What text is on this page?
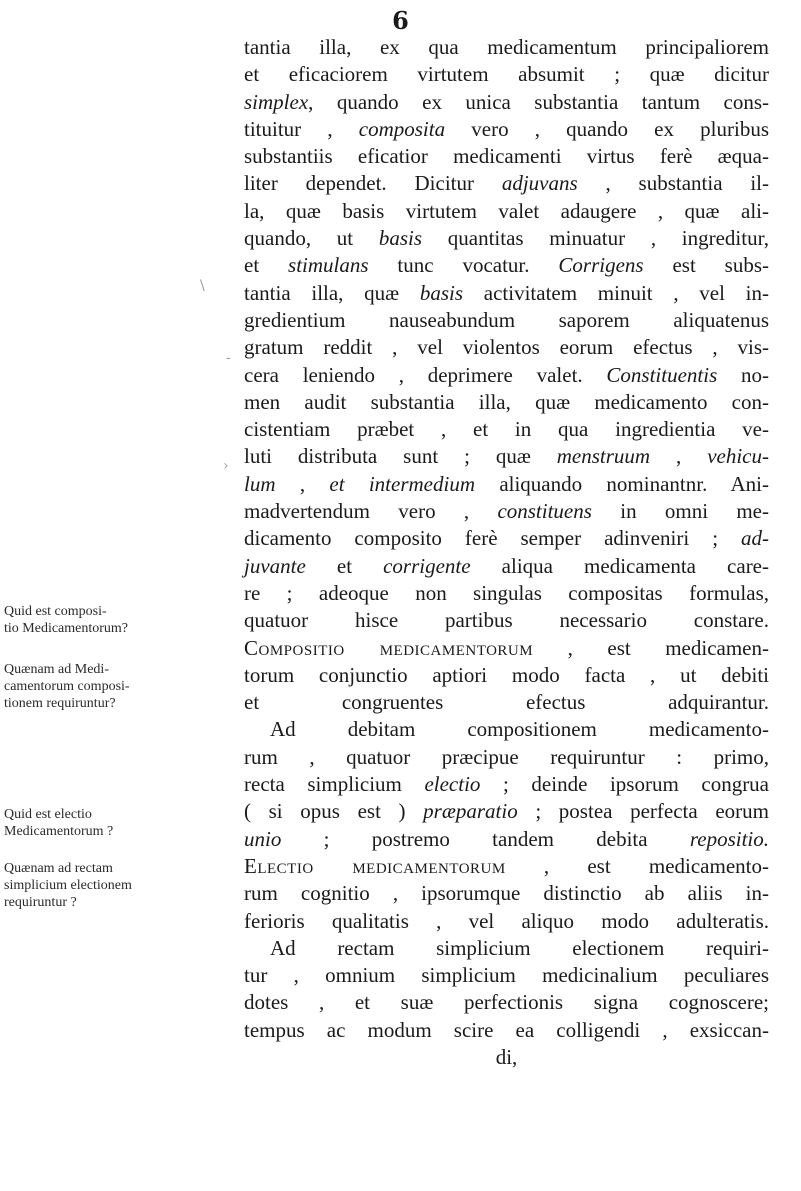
6
tantia illa, ex qua medicamentum principaliorem
et eficaciorem virtutem absumit ; quæ dicitur
simplex, quando ex unica substantia tantum cons-
tituitur , composita vero , quando ex pluribus
substantiis eficatior medicamenti virtus ferè æqua-
liter dependet. Dicitur adjuvans , substantia il-
la, quæ basis virtutem valet adaugere , quæ ali-
quando, ut basis quantitas minuatur , ingreditur,
et stimulans tunc vocatur. Corrigens est subs-
tantia illa, quæ basis activitatem minuit , vel in-
gredientium nauseabundum saporem aliquatenus
gratum reddit , vel violentos eorum efectus , vis-
cera leniendo , deprimere valet. Constituentis no-
men audit substantia illa, quæ medicamento con-
cistentiam præbet , et in qua ingredientia ve-
luti distributa sunt ; quæ menstruum , vehicu-
lum , et intermedium aliquando nominantnr. Ani-
madvertendum vero , constituens in omni me-
dicamento composito ferè semper adinveniri ; ad-
juvante et corrigente aliqua medicamenta care-
re ; adeoque non singulas compositas formulas,
quatuor hisce partibus necessario constare.
Compositio medicamentorum , est medicamen-
torum conjunctio aptiori modo facta , ut debiti
et congruentes efectus adquirantur.
Ad debitam compositionem medicamento-
rum , quatuor præcipue requiruntur : primo,
recta simplicium electio ; deinde ipsorum congrua
( si opus est ) præparatio ; postea perfecta eorum
unio ; postremo tandem debita repositio.
Electio medicamentorum , est medicamento-
rum cognitio , ipsorumque distinctio ab aliis in-
ferioris qualitatis , vel aliquo modo adulteratis.
Ad rectam simplicium electionem requiri-
tur , omnium simplicium medicinalium peculiares
dotes , et suæ perfectionis signa cognoscere;
tempus ac modum scire ea colligendi , exsiccan-
di,
Quid est composi-
tio Medicamentorum?
Quænam ad Medi-
camentorum composi-
tionem requiruntur?
Quid est electio
Medicamentorum ?
Quænam ad rectam
simplicium electionem
requiruntur ?
\
-
›
